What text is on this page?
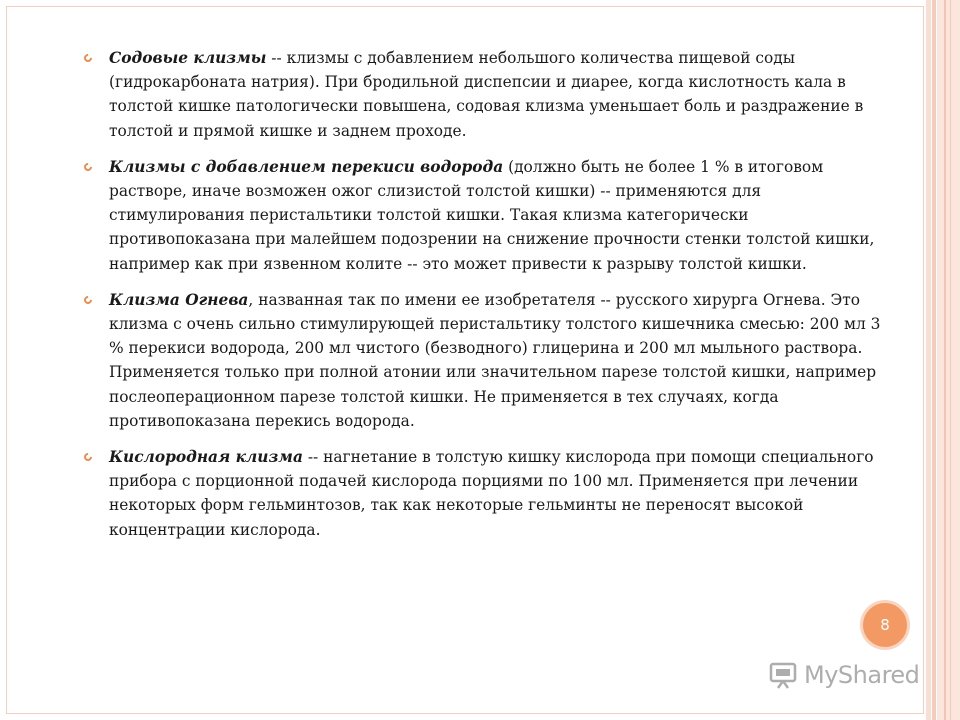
Содовые клизмы -- клизмы с добавлением небольшого количества пищевой соды (гидрокарбоната натрия). При бродильной диспепсии и диарее, когда кислотность кала в толстой кишке патологически повышена, содовая клизма уменьшает боль и раздражение в толстой и прямой кишке и заднем проходе.
Клизмы с добавлением перекиси водорода (должно быть не более 1 % в итоговом растворе, иначе возможен ожог слизистой толстой кишки) -- применяются для стимулирования перистальтики толстой кишки. Такая клизма категорически противопоказана при малейшем подозрении на снижение прочности стенки толстой кишки, например как при язвенном колите -- это может привести к разрыву толстой кишки.
Клизма Огнева, названная так по имени ее изобретателя -- русского хирурга Огнева. Это клизма с очень сильно стимулирующей перистальтику толстого кишечника смесью: 200 мл 3 % перекиси водорода, 200 мл чистого (безводного) глицерина и 200 мл мыльного раствора. Применяется только при полной атонии или значительном парезе толстой кишки, например послеоперационном парезе толстой кишки. Не применяется в тех случаях, когда противопоказана перекись водорода.
Кислородная клизма -- нагнетание в толстую кишку кислорода при помощи специального прибора с порционной подачей кислорода порциями по 100 мл. Применяется при лечении некоторых форм гельминтозов, так как некоторые гельминты не переносят высокой концентрации кислорода.
8
MyShared
